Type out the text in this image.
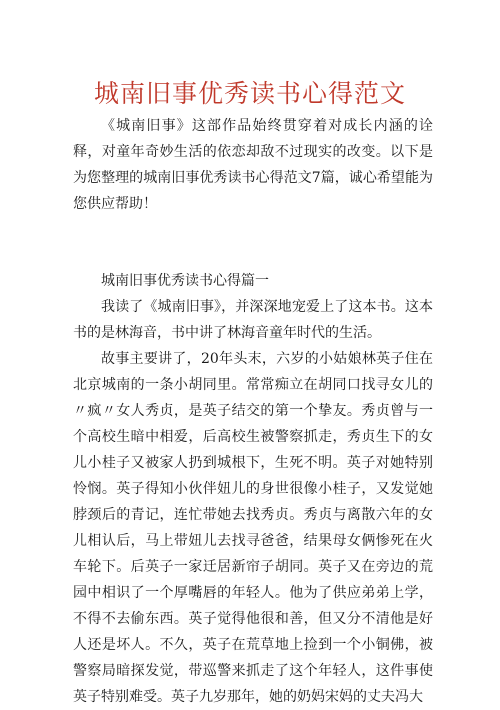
城南旧事优秀读书心得范文

《城南旧事》这部作品始终贯穿着对成长内涵的诠释，对童年奇妙生活的依恋却敌不过现实的改变。以下是为您整理的城南旧事优秀读书心得范文7篇，诚心希望能为您供应帮助！

城南旧事优秀读书心得篇一

我读了《城南旧事》，并深深地宠爱上了这本书。这本书的是林海音，书中讲了林海音童年时代的生活。

故事主要讲了，20年头末，六岁的小姑娘林英子住在北京城南的一条小胡同里。常常痴立在胡同口找寻女儿的〃疯〃女人秀贞，是英子结交的第一个挚友。秀贞曾与一个高校生暗中相爱，后高校生被警察抓走，秀贞生下的女儿小桂子又被家人扔到城根下，生死不明。英子对她特别怜悯。英子得知小伙伴妞儿的身世很像小桂子，又发觉她脖颈后的青记，连忙带她去找秀贞。秀贞与离散六年的女儿相认后，马上带妞儿去找寻爸爸，结果母女俩惨死在火车轮下。后英子一家迁居新帘子胡同。英子又在旁边的荒园中相识了一个厚嘴唇的年轻人。他为了供应弟弟上学，不得不去偷东西。英子觉得他很和善，但又分不清他是好人还是坏人。不久，英子在荒草地上捡到一个小铜佛，被警察局暗探发觉，带巡警来抓走了这个年轻人，这件事使英子特别难受。英子九岁那年，她的奶妈宋妈的丈夫冯大
